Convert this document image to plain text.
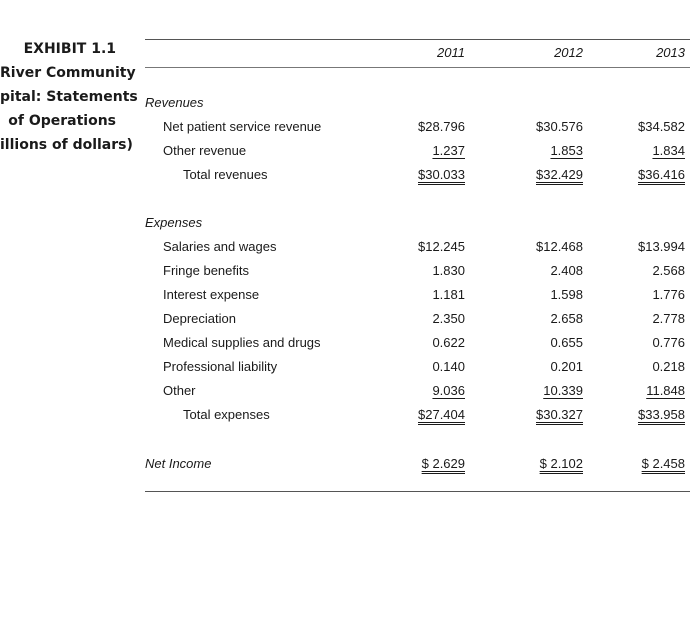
EXHIBIT 1.1
River Community
pital: Statements
of Operations
illions of dollars)
2011	2012	2013
Revenues
Net patient service revenue	$28.796	$30.576	$34.582
Other revenue	1.237	1.853	1.834
Total revenues	$30.033	$32.429	$36.416
Expenses
Salaries and wages	$12.245	$12.468	$13.994
Fringe benefits	1.830	2.408	2.568
Interest expense	1.181	1.598	1.776
Depreciation	2.350	2.658	2.778
Medical supplies and drugs	0.622	0.655	0.776
Professional liability	0.140	0.201	0.218
Other	9.036	10.339	11.848
Total expenses	$27.404	$30.327	$33.958
Net Income	$ 2.629	$ 2.102	$ 2.458
